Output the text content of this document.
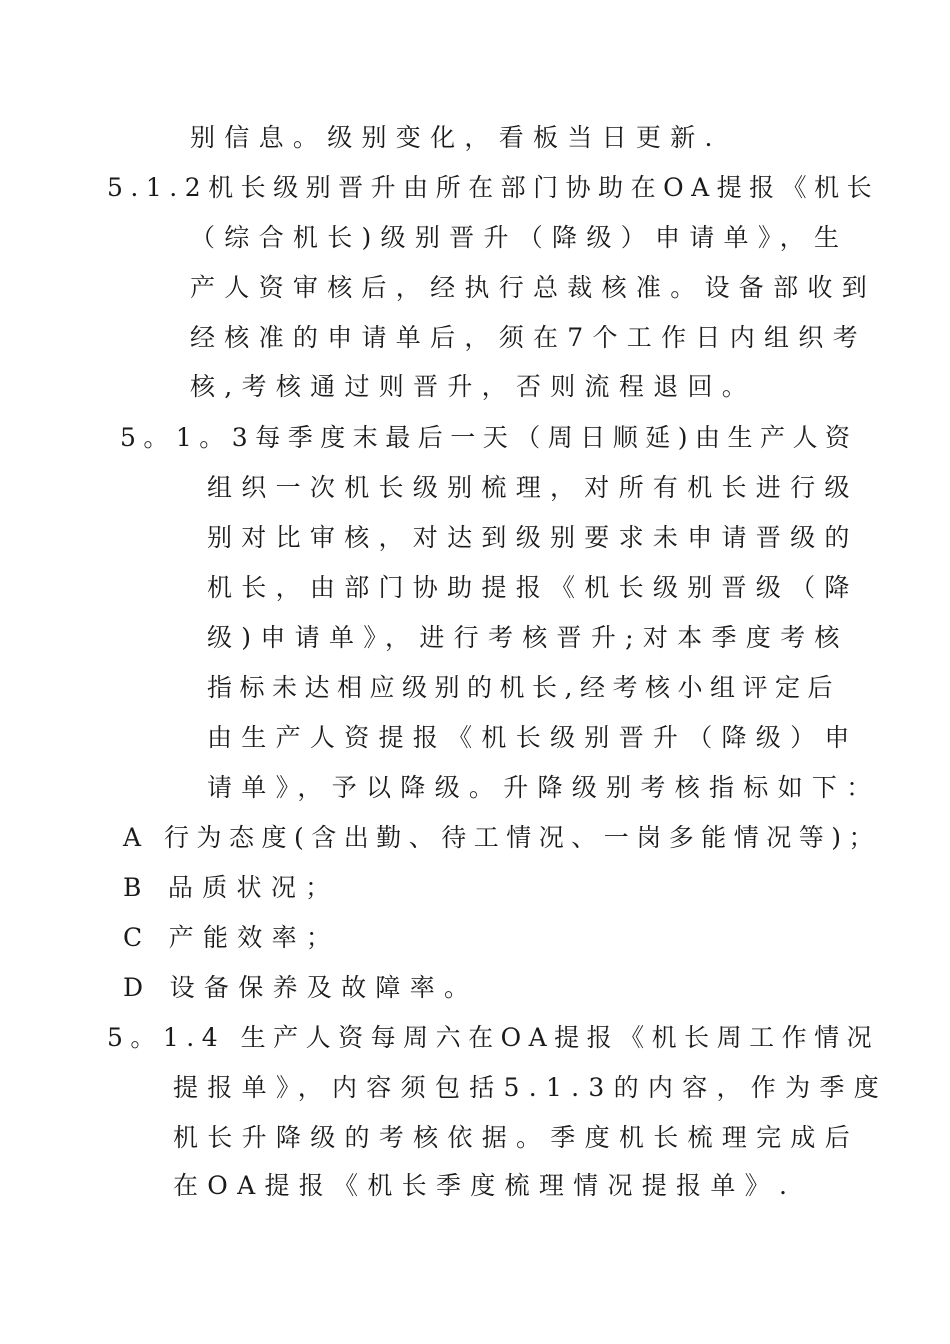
别信息。级别变化，看板当日更新.
5.1.2机长级别晋升由所在部门协助在OA提报《机长
（综合机长)级别晋升（降级）申请单》，生
产人资审核后，经执行总裁核准。设备部收到
经核准的申请单后，须在7个工作日内组织考
核,考核通过则晋升，否则流程退回。
5。1。3每季度末最后一天（周日顺延)由生产人资
组织一次机长级别梳理，对所有机长进行级
别对比审核，对达到级别要求未申请晋级的
机长，由部门协助提报《机长级别晋级（降
级)申请单》，进行考核晋升;对本季度考核
指标未达相应级别的机长,经考核小组评定后
由生产人资提报《机长级别晋升（降级）申
请单》，予以降级。升降级别考核指标如下：
A 行为态度(含出勤、待工情况、一岗多能情况等)；
B 品质状况；
C 产能效率；
D 设备保养及故障率。
5。1.4 生产人资每周六在OA提报《机长周工作情况
提报单》，内容须包括5.1.3的内容，作为季度
机长升降级的考核依据。季度机长梳理完成后
在OA提报《机长季度梳理情况提报单》.
